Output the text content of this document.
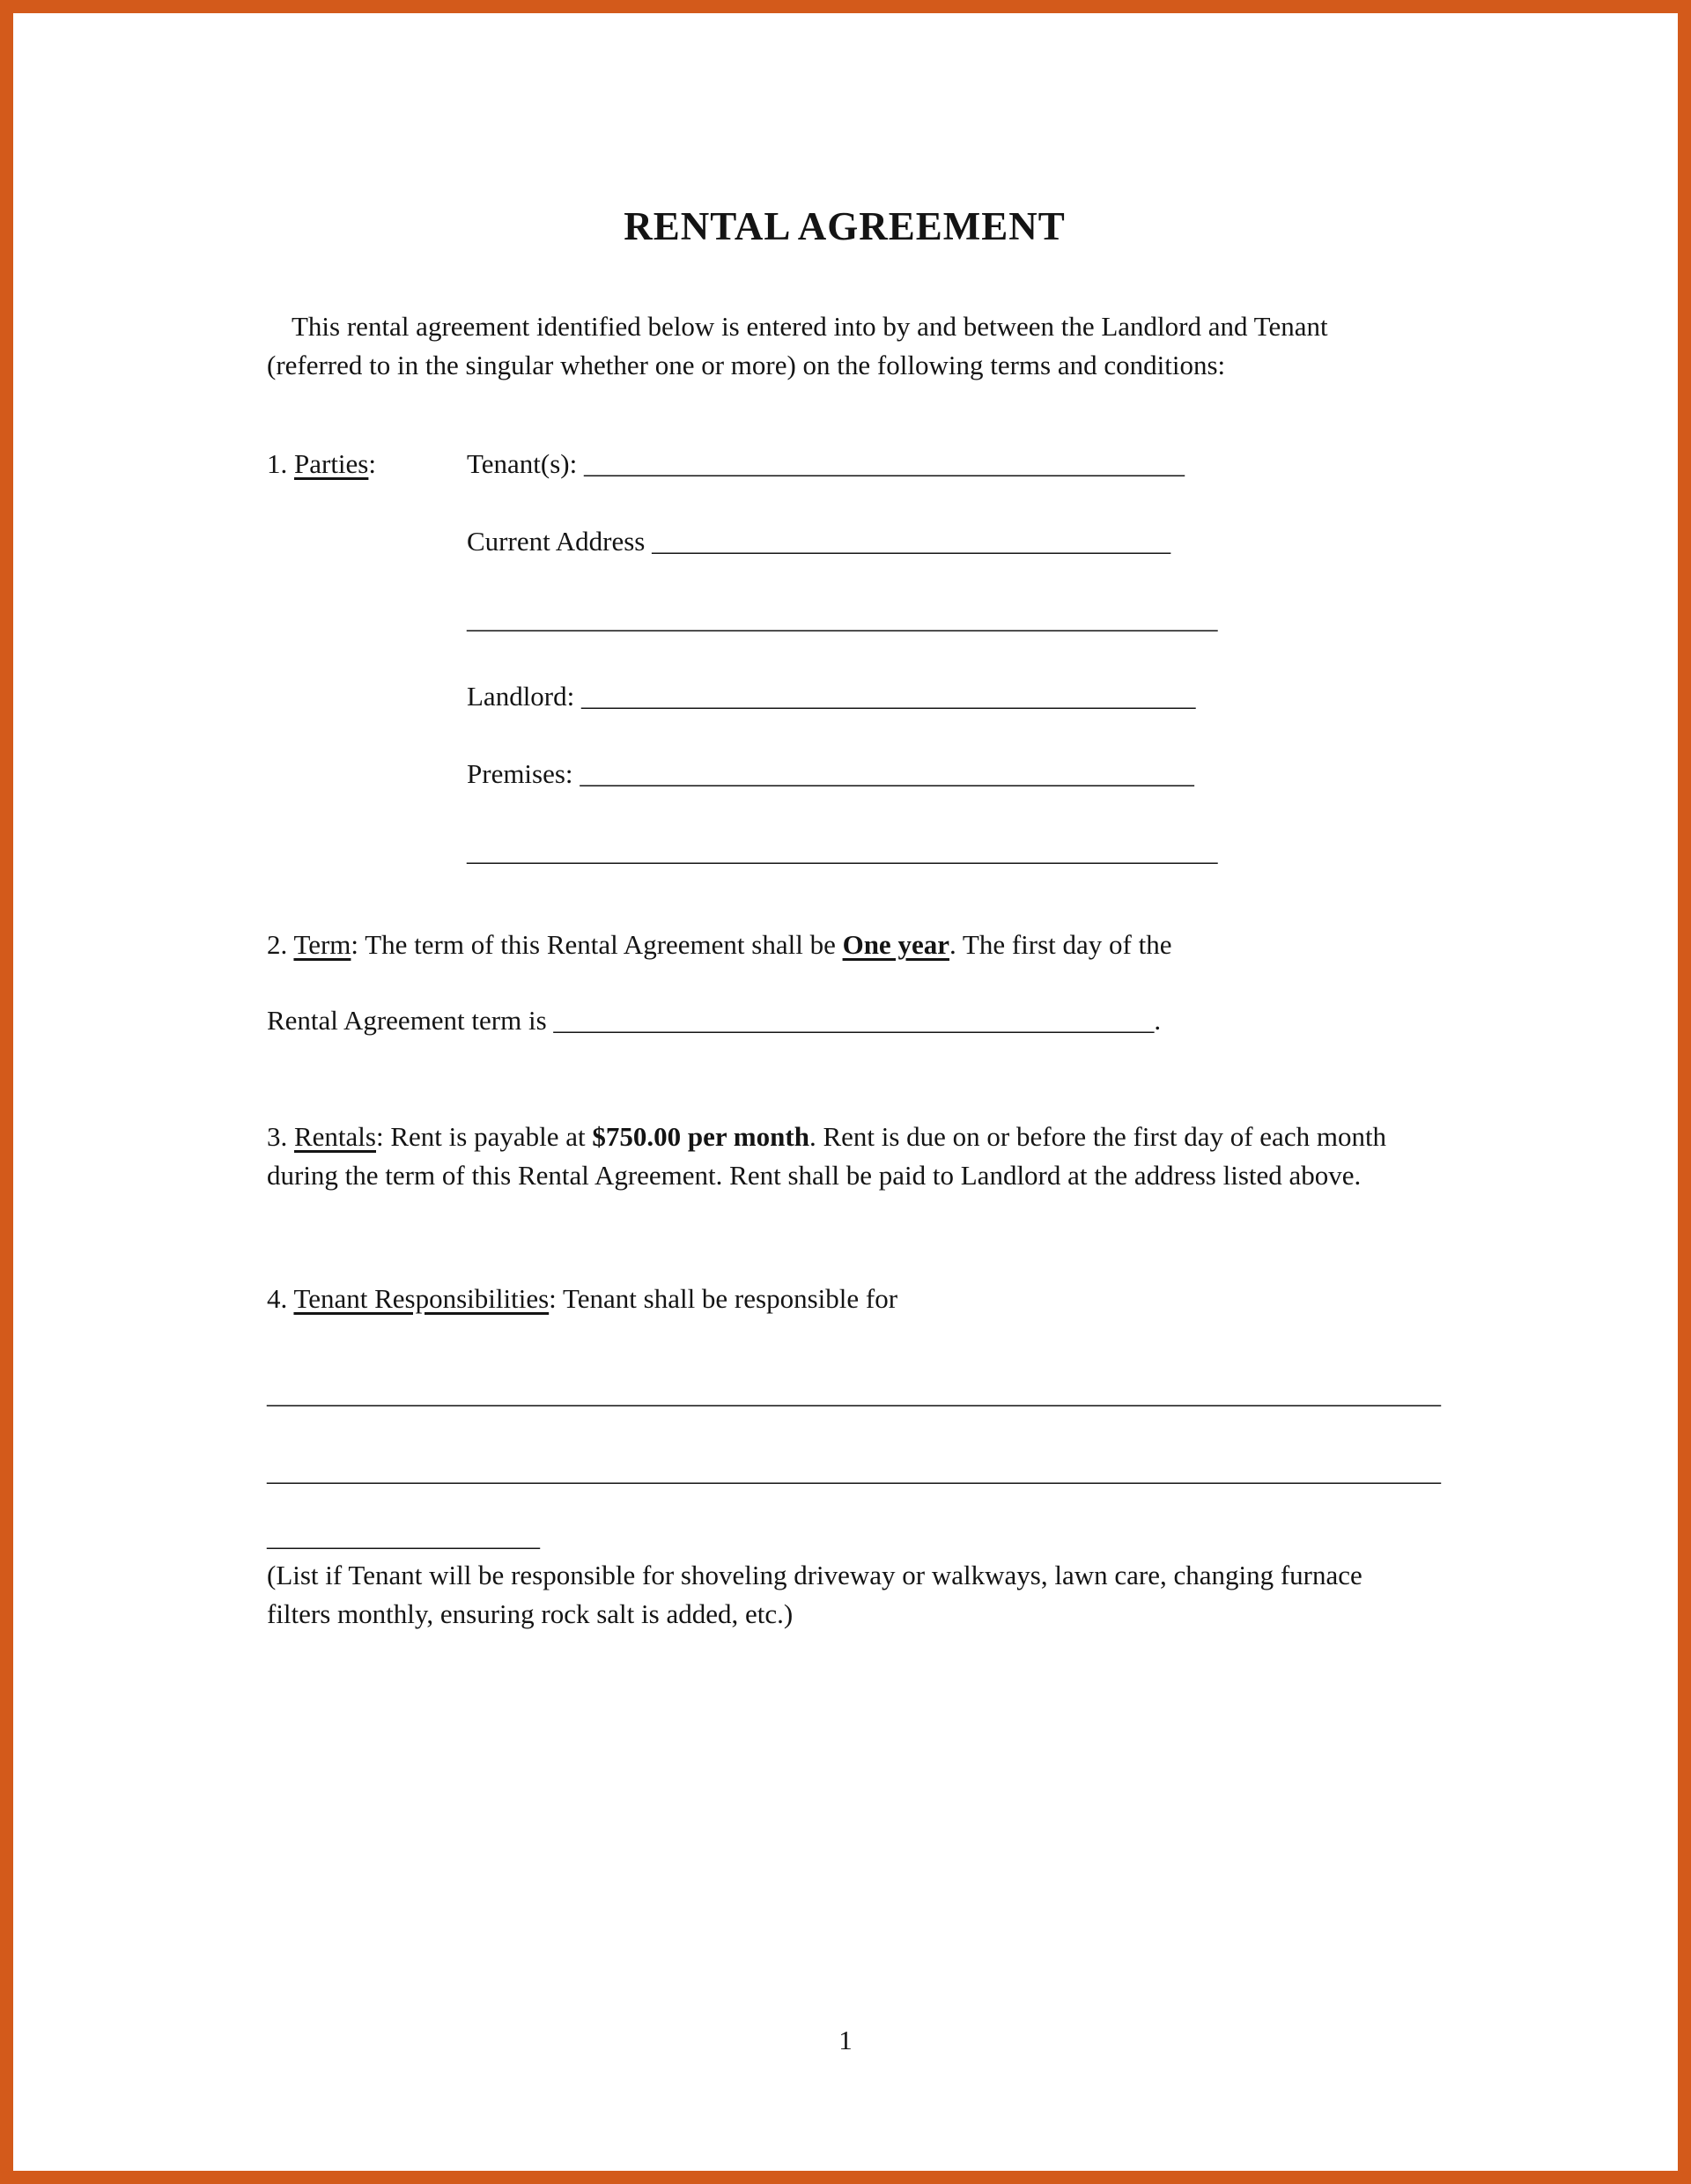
RENTAL AGREEMENT

This rental agreement identified below is entered into by and between the Landlord and Tenant (referred to in the singular whether one or more) on the following terms and conditions:

1. Parties:	Tenant(s): ____________________________________________
Current Address ______________________________________
_______________________________________________________
Landlord: _____________________________________________
Premises: _____________________________________________
_______________________________________________________

2. Term: The term of this Rental Agreement shall be One year. The first day of the

Rental Agreement term is ____________________________________________.

3. Rentals: Rent is payable at $750.00 per month. Rent is due on or before the first day of each month during the term of this Rental Agreement. Rent shall be paid to Landlord at the address listed above.

4. Tenant Responsibilities: Tenant shall be responsible for

______________________________________________________________________________________
______________________________________________________________________________________
____________________

(List if Tenant will be responsible for shoveling driveway or walkways, lawn care, changing furnace filters monthly, ensuring rock salt is added, etc.)

1
